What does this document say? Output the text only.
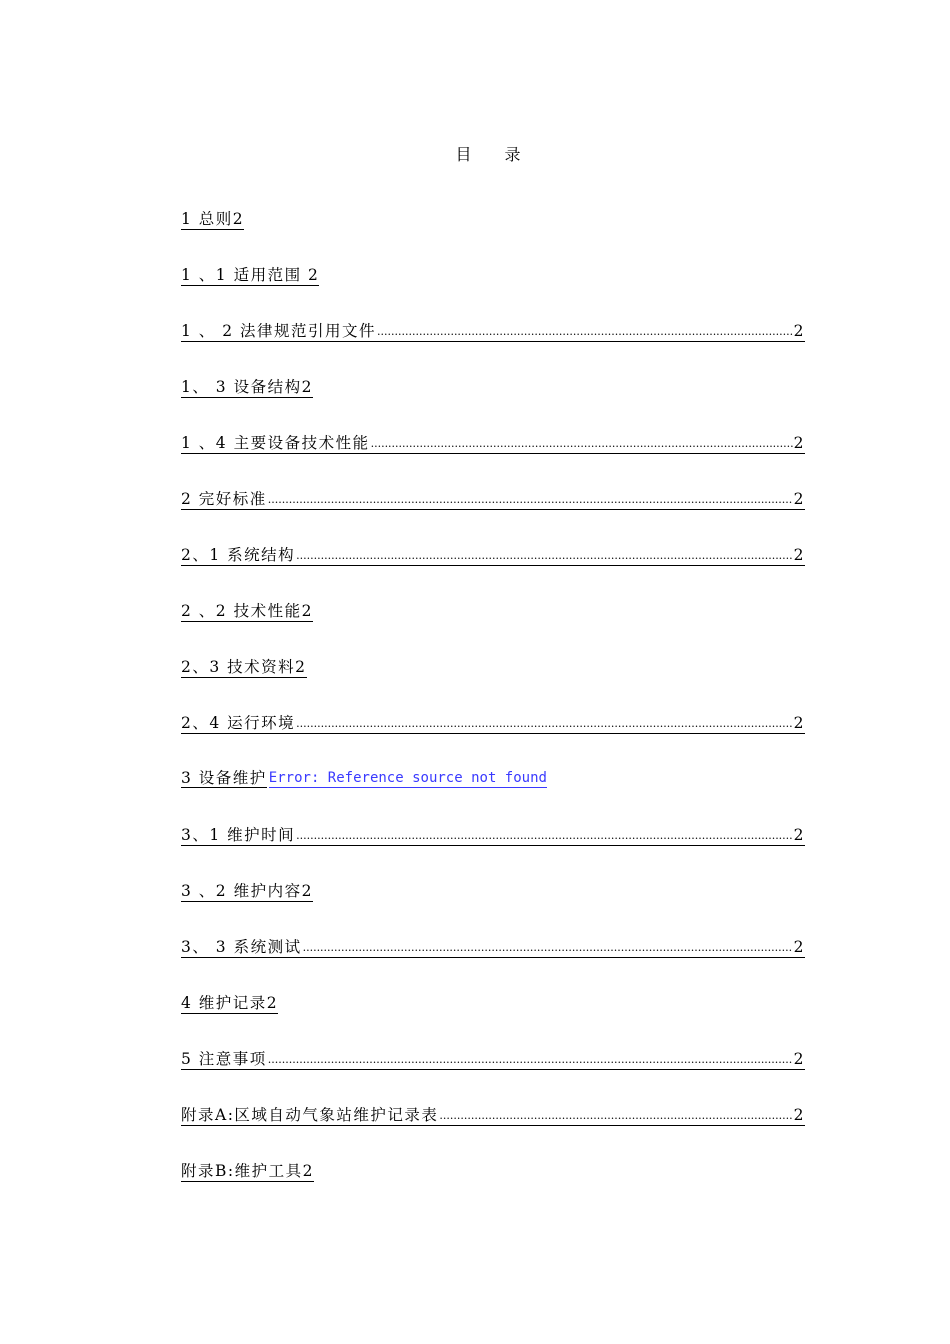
目 录
1 总则2
1 、1 适用范围 2
1 、 2 法律规范引用文件 .....	2
1、 3 设备结构2
1 、4 主要设备技术性能 .....	2
2 完好标准 .....	2
2、1 系统结构 .....	2
2 、2 技术性能2
2、3 技术资料2
2、4 运行环境 .....	2
3 设备维护 Error: Reference source not found
3、1 维护时间 .....	2
3 、2 维护内容2
3、 3 系统测试 .....	2
4 维护记录2
5 注意事项 .....	2
附录A:区域自动气象站维护记录表 .....	2
附录B:维护工具2
